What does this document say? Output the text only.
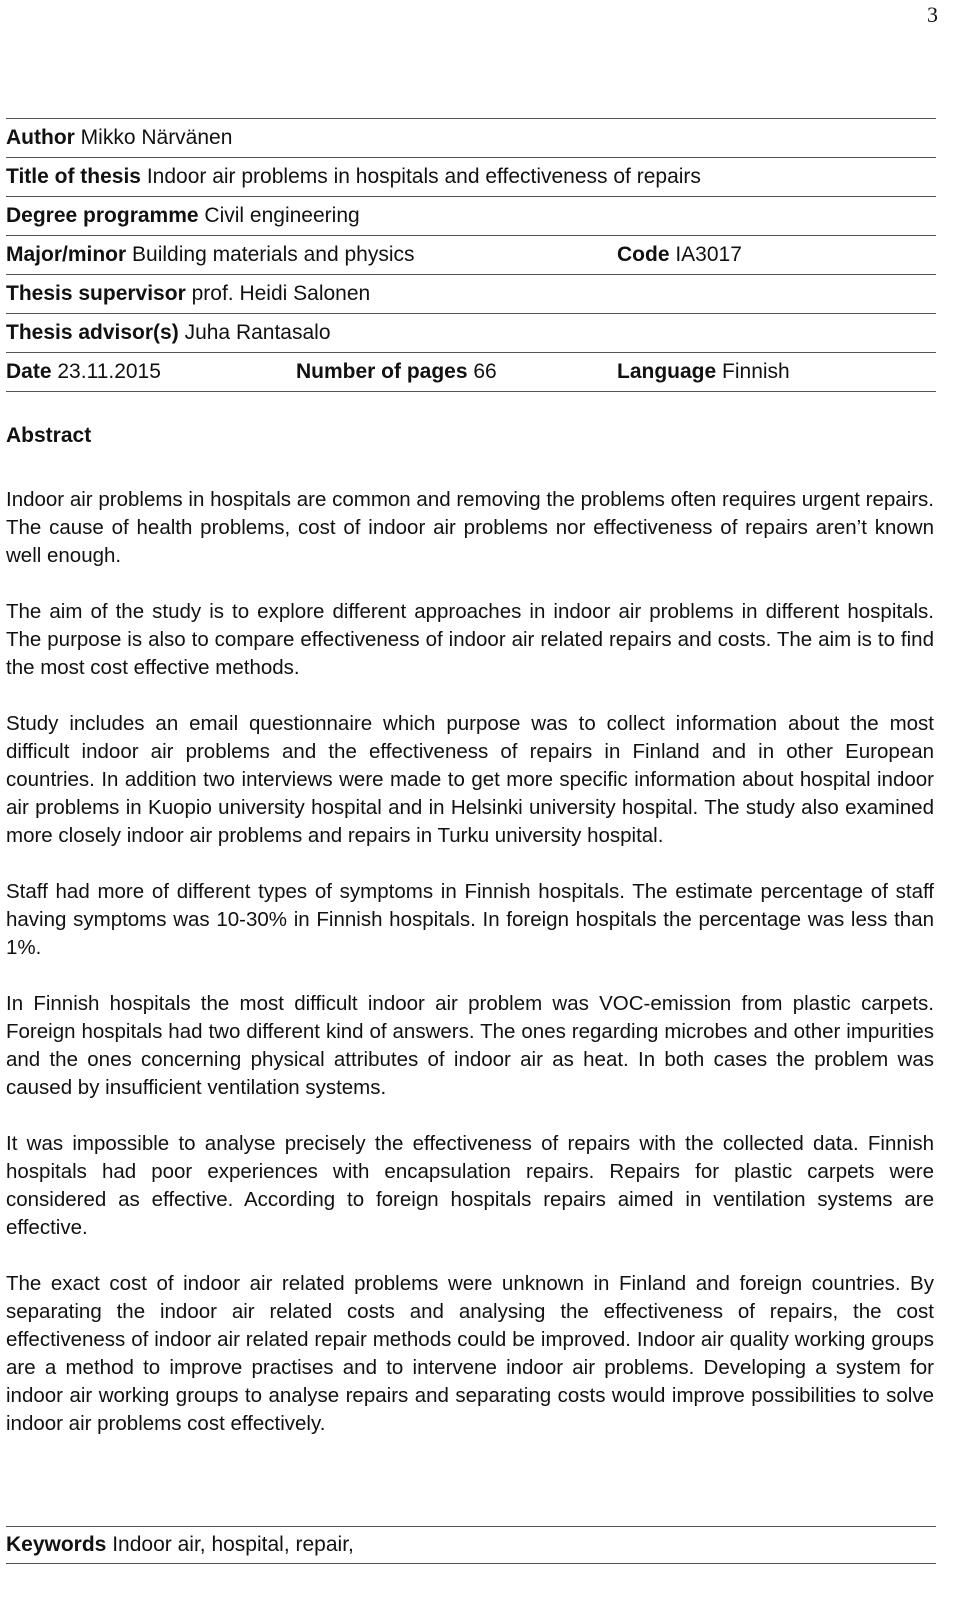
3
Author Mikko Närvänen
Title of thesis Indoor air problems in hospitals and effectiveness of repairs
Degree programme Civil engineering
Major/minor Building materials and physics	Code IA3017
Thesis supervisor prof. Heidi Salonen
Thesis advisor(s) Juha Rantasalo
Date 23.11.2015	Number of pages 66	Language Finnish
Abstract

Indoor air problems in hospitals are common and removing the problems often requires urgent repairs. The cause of health problems, cost of indoor air problems nor effectiveness of repairs aren’t known well enough.

The aim of the study is to explore different approaches in indoor air problems in different hospitals. The purpose is also to compare effectiveness of indoor air related repairs and costs. The aim is to find the most cost effective methods.

Study includes an email questionnaire which purpose was to collect information about the most difficult indoor air problems and the effectiveness of repairs in Finland and in other European countries. In addition two interviews were made to get more specific information about hospital indoor air problems in Kuopio university hospital and in Helsinki university hospital. The study also examined more closely indoor air problems and repairs in Turku university hospital.

Staff had more of different types of symptoms in Finnish hospitals. The estimate percentage of staff having symptoms was 10-30% in Finnish hospitals. In foreign hospitals the percentage was less than 1%.

In Finnish hospitals the most difficult indoor air problem was VOC-emission from plastic carpets. Foreign hospitals had two different kind of answers. The ones regarding microbes and other impurities and the ones concerning physical attributes of indoor air as heat. In both cases the problem was caused by insufficient ventilation systems.

It was impossible to analyse precisely the effectiveness of repairs with the collected data. Finnish hospitals had poor experiences with encapsulation repairs. Repairs for plastic carpets were considered as effective. According to foreign hospitals repairs aimed in ventilation systems are effective.

The exact cost of indoor air related problems were unknown in Finland and foreign countries. By separating the indoor air related costs and analysing the effectiveness of repairs, the cost effectiveness of indoor air related repair methods could be improved. Indoor air quality working groups are a method to improve practises and to intervene indoor air problems. Developing a system for indoor air working groups to analyse repairs and separating costs would improve possibilities to solve indoor air problems cost effectively.

Keywords Indoor air, hospital, repair,
